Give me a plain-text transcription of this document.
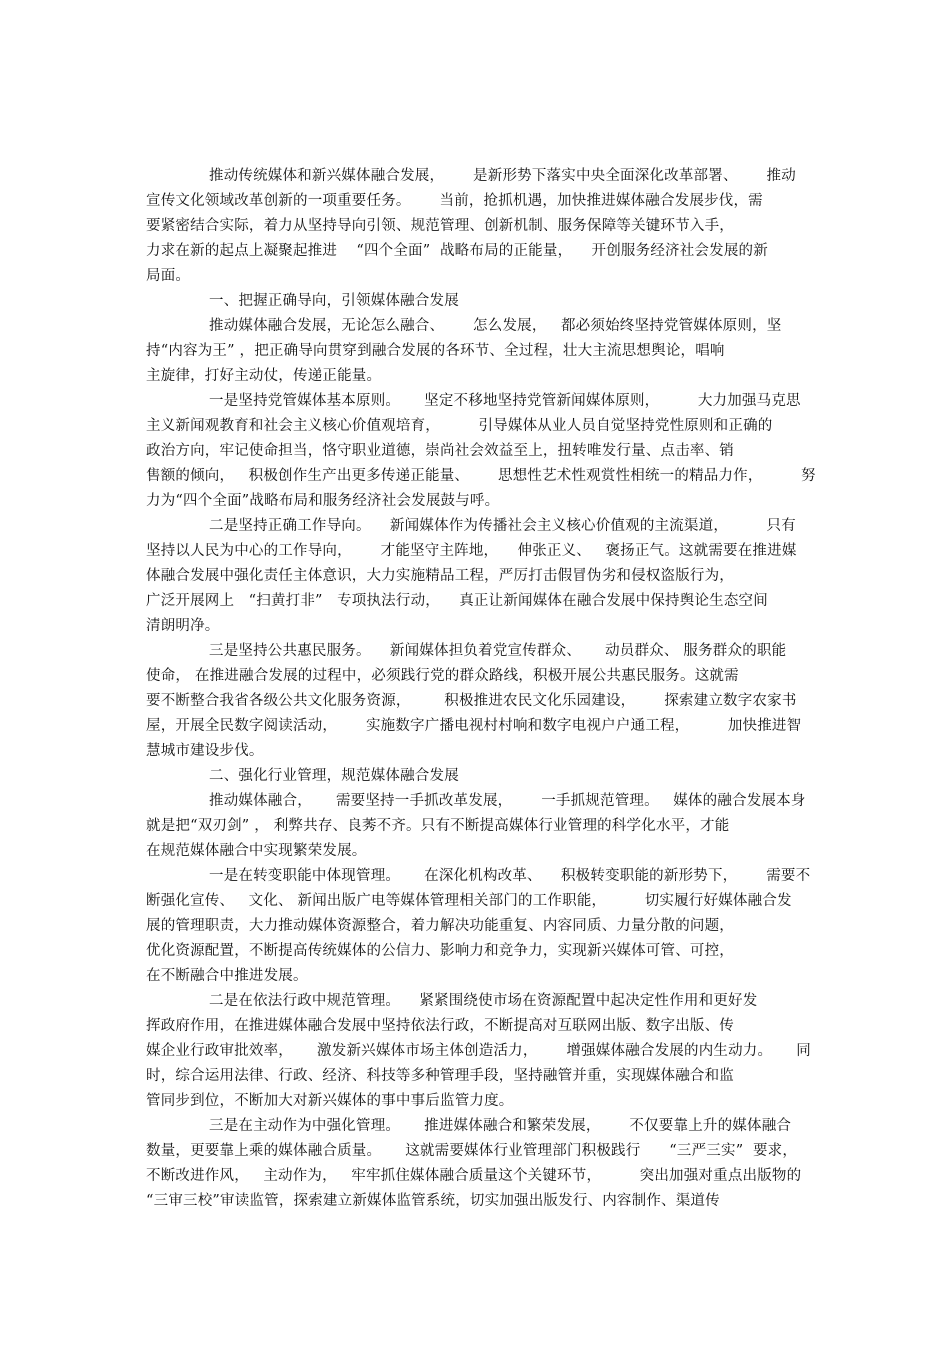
推动传统媒体和新兴媒体融合发展，      是新形势下落实中央全面深化改革部署、      推动
宣传文化领域改革创新的一项重要任务。      当前，抢抓机遇，加快推进媒体融合发展步伐，需
要紧密结合实际，着力从坚持导向引领、规范管理、创新机制、服务保障等关键环节入手，
力求在新的起点上凝聚起推进    “四个全面”  战略布局的正能量，    开创服务经济社会发展的新
局面。
一、把握正确导向，引领媒体融合发展
推动媒体融合发展，无论怎么融合、      怎么发展，   都必须始终坚持党管媒体原则，坚
持“内容为王” ，把正确导向贯穿到融合发展的各环节、全过程，壮大主流思想舆论，唱响
主旋律，打好主动仗，传递正能量。
一是坚持党管媒体基本原则。     坚定不移地坚持党管新闻媒体原则，        大力加强马克思
主义新闻观教育和社会主义核心价值观培育，        引导媒体从业人员自觉坚持党性原则和正确的
政治方向，牢记使命担当，恪守职业道德，崇尚社会效益至上，扭转唯发行量、点击率、销
售额的倾向，   积极创作生产出更多传递正能量、      思想性艺术性观赏性相统一的精品力作，        努
力为“四个全面”战略布局和服务经济社会发展鼓与呼。
二是坚持正确工作导向。    新闻媒体作为传播社会主义核心价值观的主流渠道，        只有
坚持以人民为中心的工作导向，      才能坚守主阵地，    伸张正义、   褒扬正气。这就需要在推进媒
体融合发展中强化责任主体意识，大力实施精品工程，严厉打击假冒伪劣和侵权盗版行为，
广泛开展网上   “扫黄打非”   专项执法行动，    真正让新闻媒体在融合发展中保持舆论生态空间
清朗明净。
三是坚持公共惠民服务。    新闻媒体担负着党宣传群众、     动员群众、 服务群众的职能
使命， 在推进融合发展的过程中，必须践行党的群众路线，积极开展公共惠民服务。这就需
要不断整合我省各级公共文化服务资源，       积极推进农民文化乐园建设，      探索建立数字农家书
屋，开展全民数字阅读活动，      实施数字广播电视村村响和数字电视户户通工程，        加快推进智
慧城市建设步伐。
二、强化行业管理，规范媒体融合发展
推动媒体融合，     需要坚持一手抓改革发展，      一手抓规范管理。   媒体的融合发展本身
就是把“双刃剑” ， 利弊共存、良莠不齐。只有不断提高媒体行业管理的科学化水平，才能
在规范媒体融合中实现繁荣发展。
一是在转变职能中体现管理。     在深化机构改革、    积极转变职能的新形势下，      需要不
断强化宣传、   文化、 新闻出版广电等媒体管理相关部门的工作职能，        切实履行好媒体融合发
展的管理职责，大力推动媒体资源整合，着力解决功能重复、内容同质、力量分散的问题，
优化资源配置，不断提高传统媒体的公信力、影响力和竞争力，实现新兴媒体可管、可控，
在不断融合中推进发展。
二是在依法行政中规范管理。    紧紧围绕使市场在资源配置中起决定性作用和更好发
挥政府作用，在推进媒体融合发展中坚持依法行政，不断提高对互联网出版、数字出版、传
媒企业行政审批效率，     激发新兴媒体市场主体创造活力，      增强媒体融合发展的内生动力。     同
时，综合运用法律、行政、经济、科技等多种管理手段，坚持融管并重，实现媒体融合和监
管同步到位，不断加大对新兴媒体的事中事后监管力度。
三是在主动作为中强化管理。     推进媒体融合和繁荣发展，      不仅要靠上升的媒体融合
数量，更要靠上乘的媒体融合质量。     这就需要媒体行业管理部门积极践行      “三严三实”  要求，
不断改进作风，   主动作为，   牢牢抓住媒体融合质量这个关键环节，        突出加强对重点出版物的
“三审三校”审读监管，探索建立新媒体监管系统，切实加强出版发行、内容制作、渠道传
